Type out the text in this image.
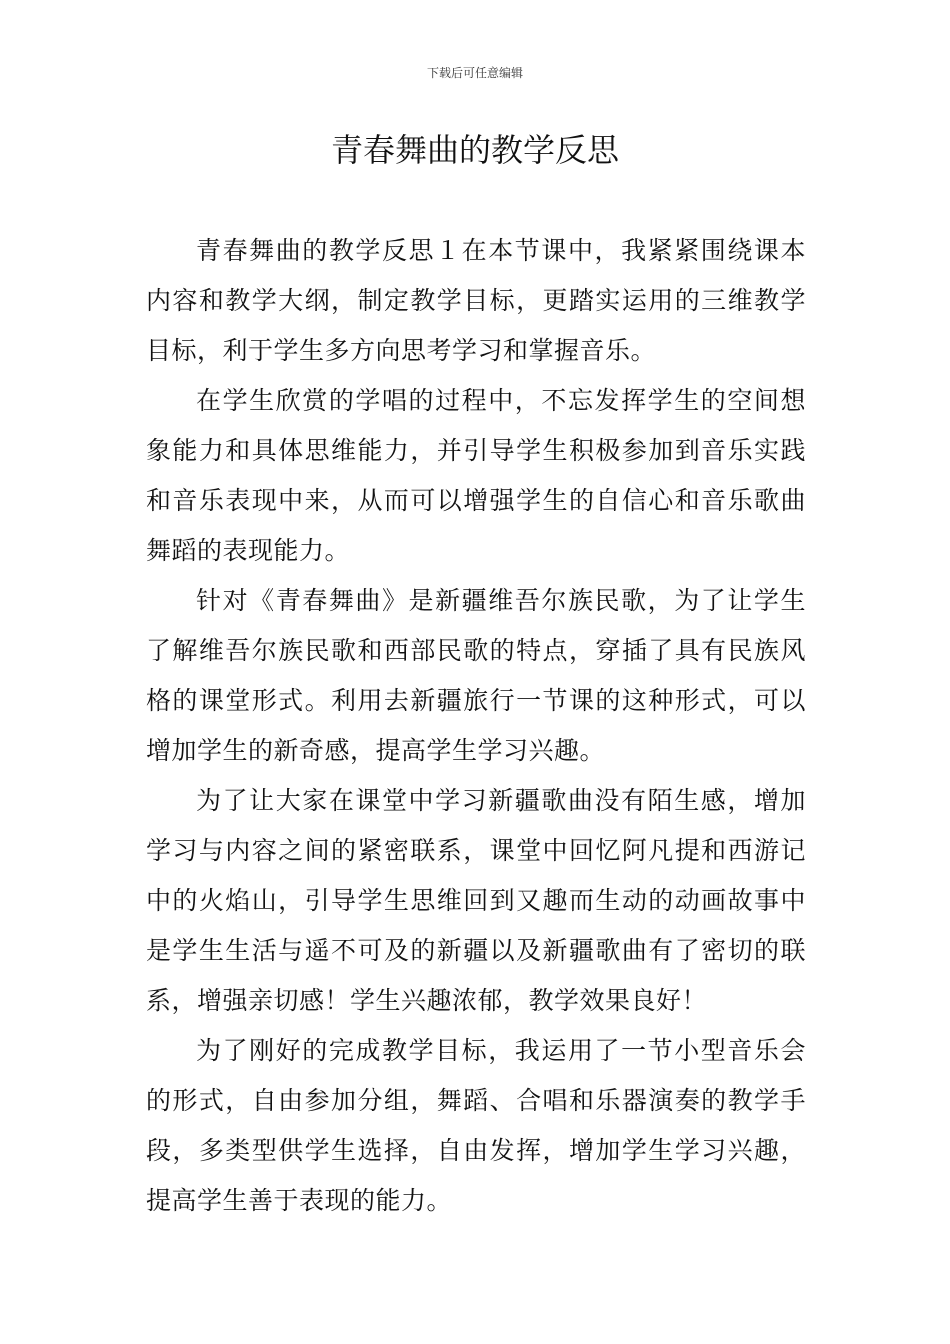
下载后可任意编辑
青春舞曲的教学反思

青春舞曲的教学反思１在本节课中，我紧紧围绕课本内容和教学大纲，制定教学目标，更踏实运用的三维教学目标，利于学生多方向思考学习和掌握音乐。

在学生欣赏的学唱的过程中，不忘发挥学生的空间想象能力和具体思维能力，并引导学生积极参加到音乐实践和音乐表现中来，从而可以增强学生的自信心和音乐歌曲舞蹈的表现能力。

针对《青春舞曲》是新疆维吾尔族民歌，为了让学生了解维吾尔族民歌和西部民歌的特点，穿插了具有民族风格的课堂形式。利用去新疆旅行一节课的这种形式，可以增加学生的新奇感，提高学生学习兴趣。

为了让大家在课堂中学习新疆歌曲没有陌生感，增加学习与内容之间的紧密联系，课堂中回忆阿凡提和西游记中的火焰山，引导学生思维回到又趣而生动的动画故事中是学生生活与遥不可及的新疆以及新疆歌曲有了密切的联系，增强亲切感！学生兴趣浓郁，教学效果良好！

为了刚好的完成教学目标，我运用了一节小型音乐会的形式，自由参加分组，舞蹈、合唱和乐器演奏的教学手段，多类型供学生选择，自由发挥，增加学生学习兴趣，提高学生善于表现的能力。
